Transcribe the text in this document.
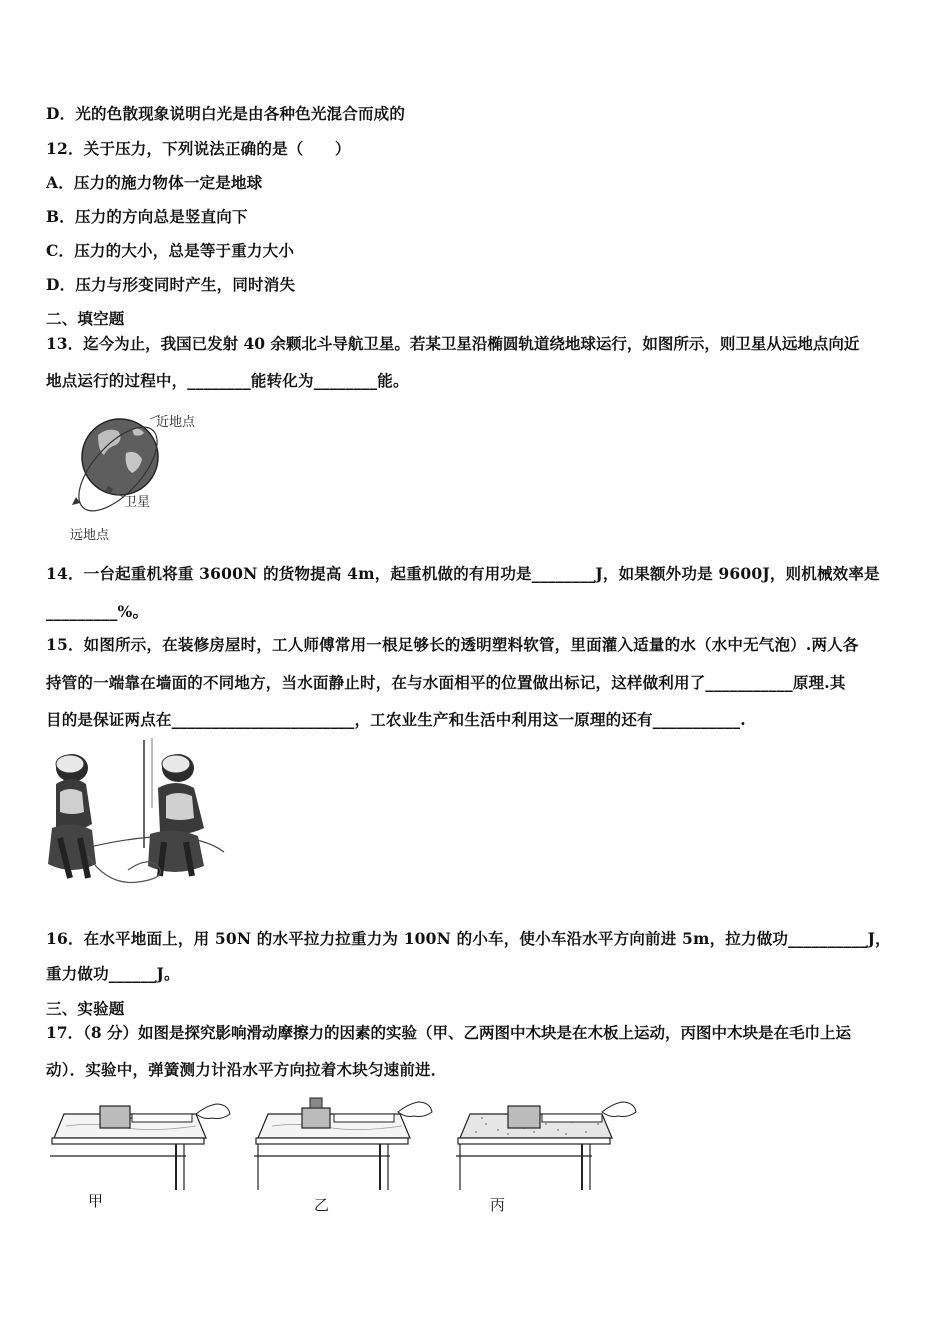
D．光的色散现象说明白光是由各种色光混合而成的
12．关于压力，下列说法正确的是（　　）
A．压力的施力物体一定是地球
B．压力的方向总是竖直向下
C．压力的大小，总是等于重力大小
D．压力与形变同时产生，同时消失
二、填空题
13．迄今为止，我国已发射 40 余颗北斗导航卫星。若某卫星沿椭圆轨道绕地球运行，如图所示，则卫星从远地点向近
地点运行的过程中，________能转化为________能。
近地点
卫星
远地点
14．一台起重机将重 3600N 的货物提高 4m，起重机做的有用功是________J，如果额外功是 9600J，则机械效率是
_________%。
15．如图所示，在装修房屋时，工人师傅常用一根足够长的透明塑料软管，里面灌入适量的水（水中无气泡）.两人各
持管的一端靠在墙面的不同地方，当水面静止时，在与水面相平的位置做出标记，这样做利用了___________原理.其
目的是保证两点在_______________________，工农业生产和生活中利用这一原理的还有___________.
16．在水平地面上，用 50N 的水平拉力拉重力为 100N 的小车，使小车沿水平方向前进 5m，拉力做功__________J，
重力做功______J。
三、实验题
17．（8 分）如图是探究影响滑动摩擦力的因素的实验（甲、乙两图中木块是在木板上运动，丙图中木块是在毛巾上运
动）．实验中，弹簧测力计沿水平方向拉着木块匀速前进．
甲	乙	丙
